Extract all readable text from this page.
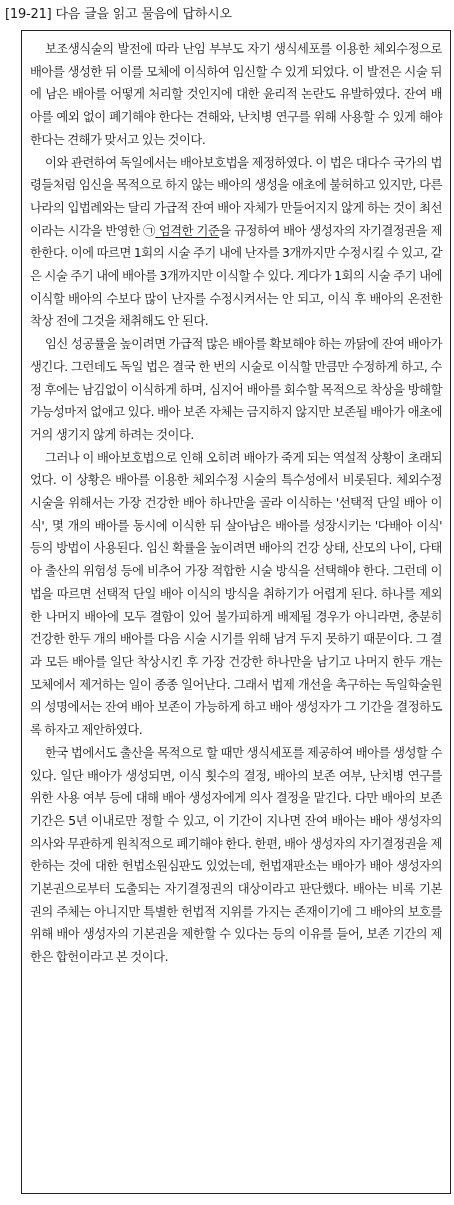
[19-21] 다음 글을 읽고 물음에 답하시오

보조생식술의 발전에 따라 난임 부부도 자기 생식세포를 이용한 체외수정으로 배아를 생성한 뒤 이를 모체에 이식하여 임신할 수 있게 되었다. 이 발전은 시술 뒤에 남은 배아를 어떻게 처리할 것인지에 대한 윤리적 논란도 유발하였다. 잔여 배아를 예외 없이 폐기해야 한다는 견해와, 난치병 연구를 위해 사용할 수 있게 해야 한다는 견해가 맞서고 있는 것이다.

이와 관련하여 독일에서는 배아보호법을 제정하였다. 이 법은 대다수 국가의 법령들처럼 임신을 목적으로 하지 않는 배아의 생성을 애초에 불허하고 있지만, 다른 나라의 입법례와는 달리 가급적 잔여 배아 자체가 만들어지지 않게 하는 것이 최선이라는 시각을 반영한 ㉠ 엄격한 기준을 규정하여 배아 생성자의 자기결정권을 제한한다. 이에 따르면 1회의 시술 주기 내에 난자를 3개까지만 수정시킬 수 있고, 같은 시술 주기 내에 배아를 3개까지만 이식할 수 있다. 게다가 1회의 시술 주기 내에 이식할 배아의 수보다 많이 난자를 수정시켜서는 안 되고, 이식 후 배아의 온전한 착상 전에 그것을 채취해도 안 된다.

임신 성공률을 높이려면 가급적 많은 배아를 확보해야 하는 까닭에 잔여 배아가 생긴다. 그런데도 독일 법은 결국 한 번의 시술로 이식할 만큼만 수정하게 하고, 수정 후에는 남김없이 이식하게 하며, 심지어 배아를 회수할 목적으로 착상을 방해할 가능성마저 없애고 있다. 배아 보존 자체는 금지하지 않지만 보존될 배아가 애초에 거의 생기지 않게 하려는 것이다.

그러나 이 배아보호법으로 인해 오히려 배아가 죽게 되는 역설적 상황이 초래되었다. 이 상황은 배아를 이용한 체외수정 시술의 특수성에서 비롯된다. 체외수정 시술을 위해서는 가장 건강한 배아 하나만을 골라 이식하는 '선택적 단일 배아 이식', 몇 개의 배아를 동시에 이식한 뒤 살아남은 배아를 성장시키는 '다배아 이식' 등의 방법이 사용된다. 임신 확률을 높이려면 배아의 건강 상태, 산모의 나이, 다태아 출산의 위험성 등에 비추어 가장 적합한 시술 방식을 선택해야 한다. 그런데 이 법을 따르면 선택적 단일 배아 이식의 방식을 취하기가 어렵게 된다. 하나를 제외한 나머지 배아에 모두 결함이 있어 불가피하게 배제될 경우가 아니라면, 충분히 건강한 한두 개의 배아를 다음 시술 시기를 위해 남겨 두지 못하기 때문이다. 그 결과 모든 배아를 일단 착상시킨 후 가장 건강한 하나만을 남기고 나머지 한두 개는 모체에서 제거하는 일이 종종 일어난다. 그래서 법제 개선을 촉구하는 독일학술원의 성명에서는 잔여 배아 보존이 가능하게 하고 배아 생성자가 그 기간을 결정하도록 하자고 제안하였다.

한국 법에서도 출산을 목적으로 할 때만 생식세포를 제공하여 배아를 생성할 수 있다. 일단 배아가 생성되면, 이식 횟수의 결정, 배아의 보존 여부, 난치병 연구를 위한 사용 여부 등에 대해 배아 생성자에게 의사 결정을 맡긴다. 다만 배아의 보존 기간은 5년 이내로만 정할 수 있고, 이 기간이 지나면 잔여 배아는 배아 생성자의 의사와 무관하게 원칙적으로 폐기해야 한다. 한편, 배아 생성자의 자기결정권을 제한하는 것에 대한 헌법소원심판도 있었는데, 헌법재판소는 배아가 배아 생성자의 기본권으로부터 도출되는 자기결정권의 대상이라고 판단했다. 배아는 비록 기본권의 주체는 아니지만 특별한 헌법적 지위를 가지는 존재이기에 그 배아의 보호를 위해 배아 생성자의 기본권을 제한할 수 있다는 등의 이유를 들어, 보존 기간의 제한은 합헌이라고 본 것이다.
